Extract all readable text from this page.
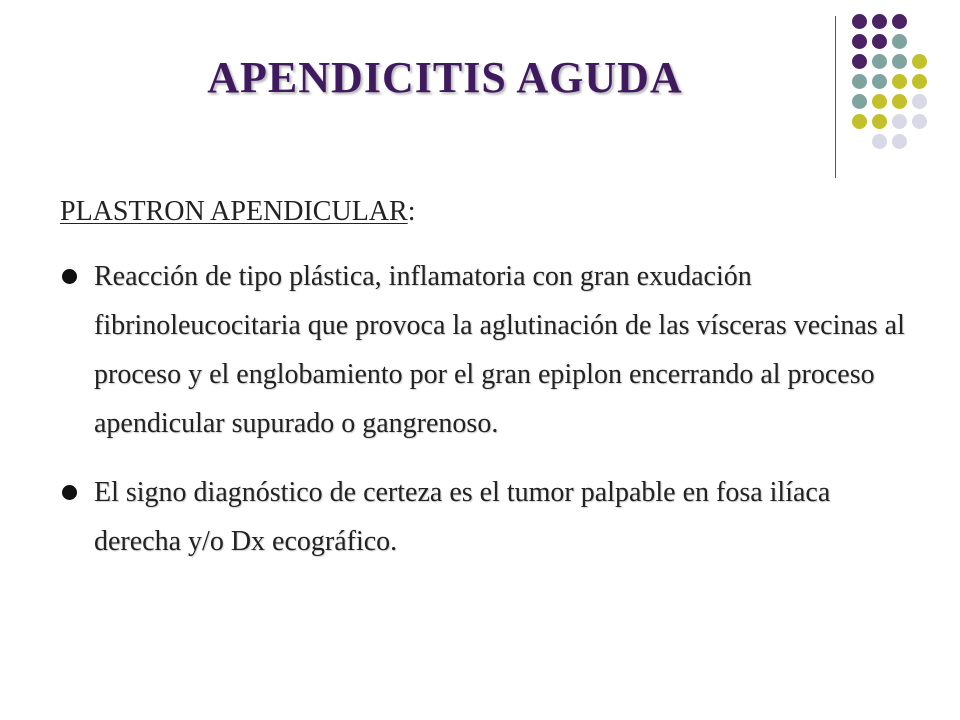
APENDICITIS AGUDA

PLASTRON APENDICULAR:

Reacción de tipo plástica, inflamatoria con gran exudación fibrinoleucocitaria que provoca la aglutinación de las vísceras vecinas al proceso y el englobamiento por el gran epiplon encerrando al proceso apendicular supurado o gangrenoso.
El signo diagnóstico de certeza es el tumor palpable en fosa ilíaca derecha y/o Dx ecográfico.
